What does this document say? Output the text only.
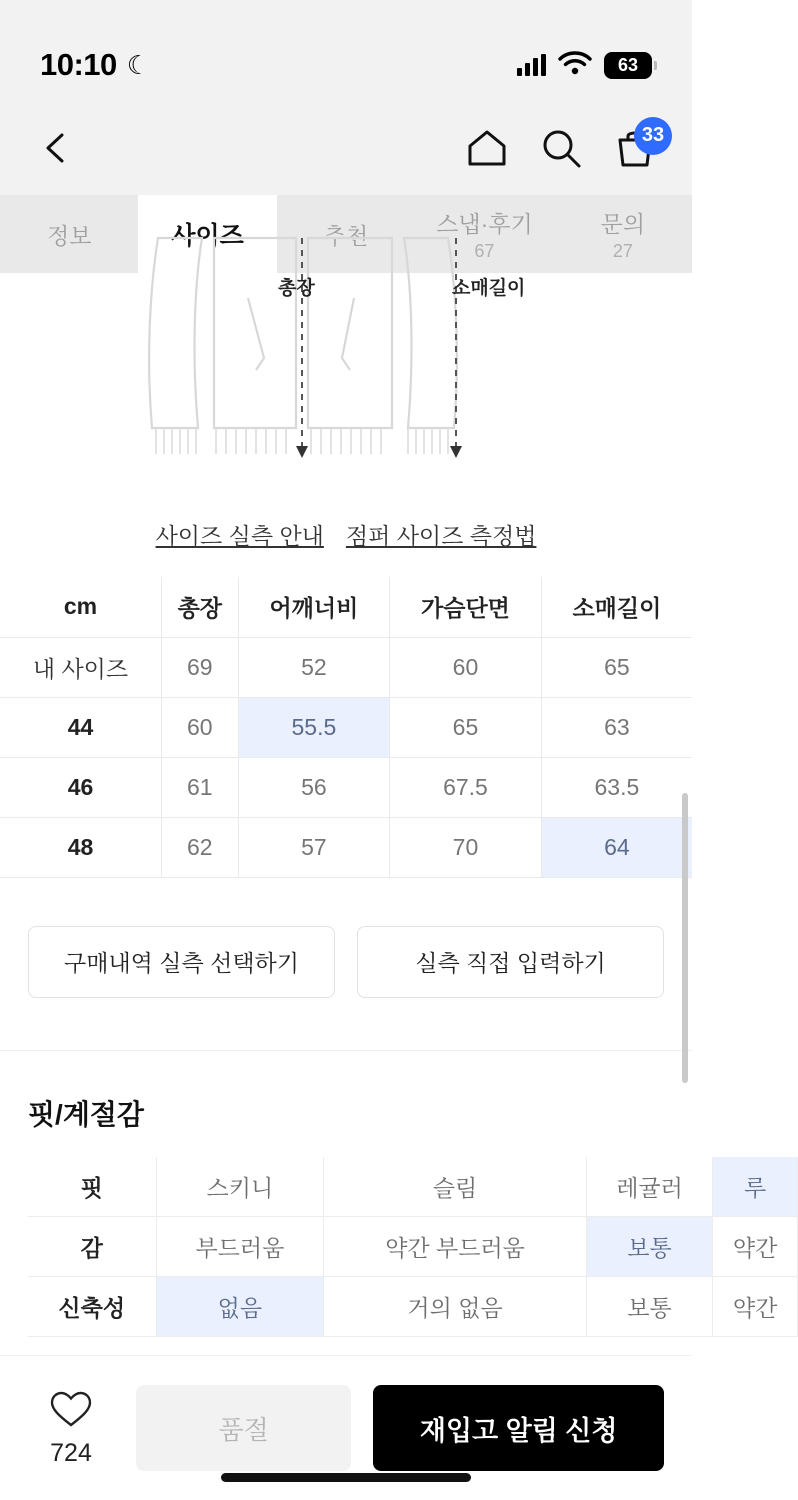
10:10 ☾	63
33
정보	사이즈	추천	스냅·후기
67
문의
27
총장	소매길이
사이즈 실측 안내 점퍼 사이즈 측정법
cm	총장	어깨너비	가슴단면	소매길이
내 사이즈	69	52	60	65
44	60	55.5	65	63
46	61	56	67.5	63.5
48	62	57	70	64
구매내역 실측 선택하기	실측 직접 입력하기
핏/계절감
핏	스키니	슬림	레귤러	루
감	부드러움	약간 부드러움	보통	약간
신축성	없음	거의 없음	보통	약간
724
품절	재입고 알림 신청
